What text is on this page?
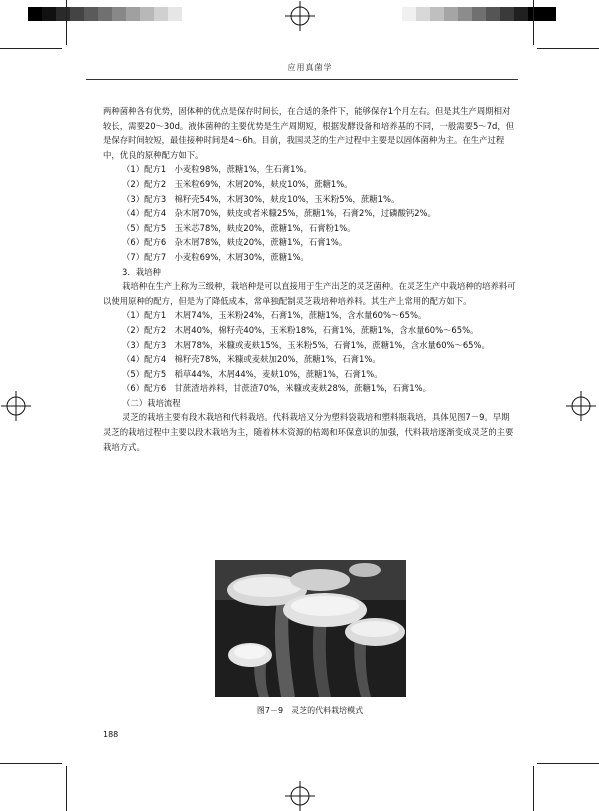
应用真菌学

两种菌种各有优势，固体种的优点是保存时间长，在合适的条件下，能够保存1个月左右。但是其生产周期相对较长，需要20～30d。液体菌种的主要优势是生产周期短，根据发酵设备和培养基的不同，一般需要5～7d，但是保存时间较短，最佳接种时间是4～6h。目前，我国灵芝的生产过程中主要是以固体菌种为主。在生产过程中，优良的原种配方如下。

（1）配方1　小麦粒98%，蔗糖1%，生石膏1%。

（2）配方2　玉米粒69%，木屑20%，麸皮10%，蔗糖1%。

（3）配方3　棉籽壳54%，木屑30%，麸皮10%，玉米粉5%，蔗糖1%。

（4）配方4　杂木屑70%，麸皮或者米糠25%，蔗糖1%，石膏2%，过磷酸钙2%。

（5）配方5　玉米芯78%，麸皮20%，蔗糖1%，石膏粉1%。

（6）配方6　杂木屑78%，麸皮20%，蔗糖1%，石膏1%。

（7）配方7　小麦粒69%，木屑30%，蔗糖1%。

3．栽培种

栽培种在生产上称为三级种，栽培种是可以直接用于生产出芝的灵芝菌种。在灵芝生产中栽培种的培养料可以使用原种的配方，但是为了降低成本，常单独配制灵芝栽培种培养料。其生产上常用的配方如下。

（1）配方1　木屑74%，玉米粉24%，石膏1%，蔗糖1%，含水量60%～65%。

（2）配方2　木屑40%，棉籽壳40%，玉米粉18%，石膏1%，蔗糖1%，含水量60%～65%。

（3）配方3　木屑78%，米糠或麦麸15%，玉米粉5%，石膏1%，蔗糖1%，含水量60%～65%。

（4）配方4　棉籽壳78%，米糠或麦麸加20%，蔗糖1%，石膏1%。

（5）配方5　稻草44%，木屑44%，麦麸10%，蔗糖1%，石膏1%。

（6）配方6　甘蔗渣培养料，甘蔗渣70%，米糠或麦麸28%，蔗糖1%，石膏1%。

（二）栽培流程

灵芝的栽培主要有段木栽培和代料栽培。代料栽培又分为塑料袋栽培和塑料瓶栽培，具体见图7－9。早期灵芝的栽培过程中主要以段木栽培为主，随着林木资源的枯竭和环保意识的加强，代料栽培逐渐变成灵芝的主要栽培方式。

图7－9　灵芝的代料栽培模式
188
